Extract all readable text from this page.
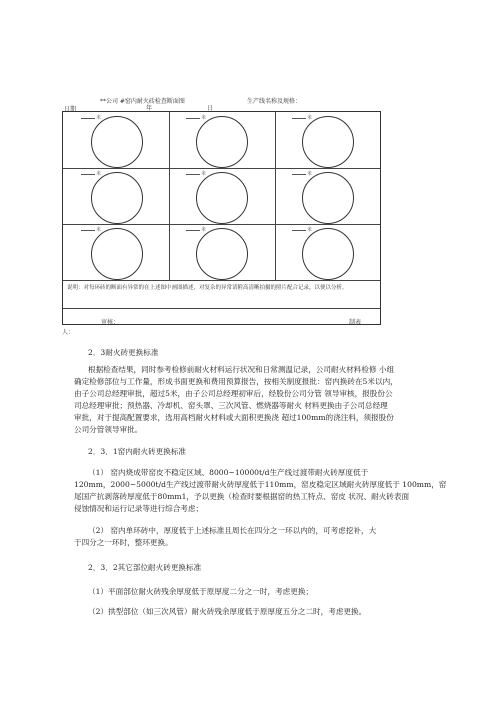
**公司 #窑内耐火砖检查断面图	生产线名称及规格：
日期	年	日
米	米	米
米	米	米
米	米	米
说明：对每环砖的断面有异常的在上述图中画图描述，对复杂的异常请附高清晰拍摄的照片配合记录，以便以分析。
审核：	制表
人：
2．3耐火砖更换标准
根据检查结果，同时参考检修前耐火材料运行状况和日常测温记录，公司耐火材料检修 小组
确定检修部位与工作量，形成书面更换和费用预算报告，按相关制度报批：窑内换砖在5米以内，
由子公司总经理审批，超过5米，由子公司总经理初审后，经股份公司分管 领导审核，报股份公
司总经理审批；预热器、冷却机、窑头罩、三次风管、燃烧器等耐火 材料更换由子公司总经理
审批，对于提高配置要求，选用高档耐火材料或大面积更换浇 超过100mm的浇注料，须报股份
公司分管领导审批。
2．3．1窑内耐火砖更换标准
（1） 窑内烧成带窑皮不稳定区域、8000~10000t/d生产线过渡带耐火砖厚度低于
120mm，2000~5000t/d生产线过渡带耐火砖厚度低于110mm，窑皮稳定区域耐火砖厚度低于 100mm，窑
尾国产抗剥落砖厚度低于80mm1，予以更换（检查时要根据窑的热工特点、窑皮 状况、耐火砖表面
侵蚀情况和运行记录等进行综合考虑；
（2） 窑内单环砖中，厚度低于上述标准且周长在四分之一环以内的，可考虑挖补，大
于四分之一环时，整环更换。
2．3．2其它部位耐火砖更换标准
（1）平面部位耐火砖残余厚度低于原厚度二分之一时，考虑更换；
（2）拱型部位（如三次风管）耐火砖残余厚度低于原厚度五分之二时，考虑更换。
